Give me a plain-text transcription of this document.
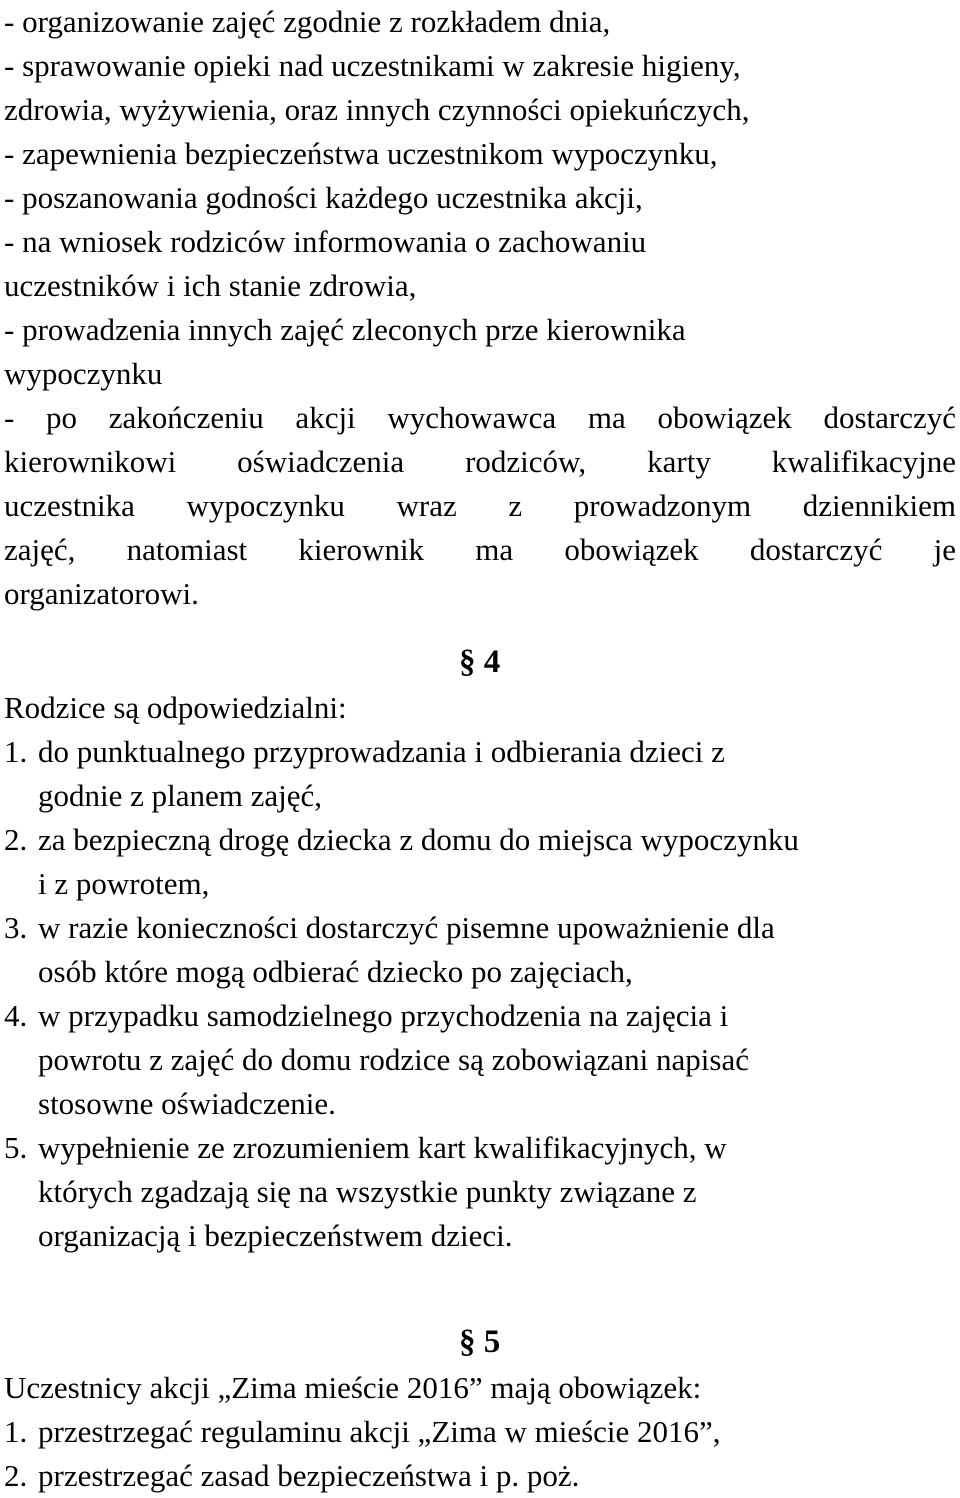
- organizowanie zajęć zgodnie z rozkładem dnia,
- sprawowanie opieki nad uczestnikami w zakresie higieny,
zdrowia, wyżywienia, oraz innych czynności opiekuńczych,
- zapewnienia bezpieczeństwa uczestnikom wypoczynku,
- poszanowania godności każdego uczestnika akcji,
- na wniosek rodziców informowania o zachowaniu
uczestników i ich stanie zdrowia,
- prowadzenia innych zajęć zleconych prze kierownika
wypoczynku
- po zakończeniu akcji wychowawca ma obowiązek dostarczyć
kierownikowi oświadczenia rodziców, karty kwalifikacyjne
uczestnika wypoczynku wraz z prowadzonym dziennikiem
zajęć, natomiast kierownik ma obowiązek dostarczyć je
organizatorowi.
§ 4
Rodzice są odpowiedzialni:
1. do punktualnego przyprowadzania i odbierania dzieci z
godnie z planem zajęć,
2. za bezpieczną drogę dziecka z domu do miejsca wypoczynku
i z powrotem,
3. w razie konieczności dostarczyć pisemne upoważnienie dla
osób które mogą odbierać dziecko po zajęciach,
4. w przypadku samodzielnego przychodzenia na zajęcia i
powrotu z zajęć do domu rodzice są zobowiązani napisać
stosowne oświadczenie.
5. wypełnienie ze zrozumieniem kart kwalifikacyjnych, w
których zgadzają się na wszystkie punkty związane z
organizacją i bezpieczeństwem dzieci.
§ 5
Uczestnicy akcji „Zima mieście 2016” mają obowiązek:
1. przestrzegać regulaminu akcji „Zima w mieście 2016”,
2. przestrzegać zasad bezpieczeństwa i p. poż.
